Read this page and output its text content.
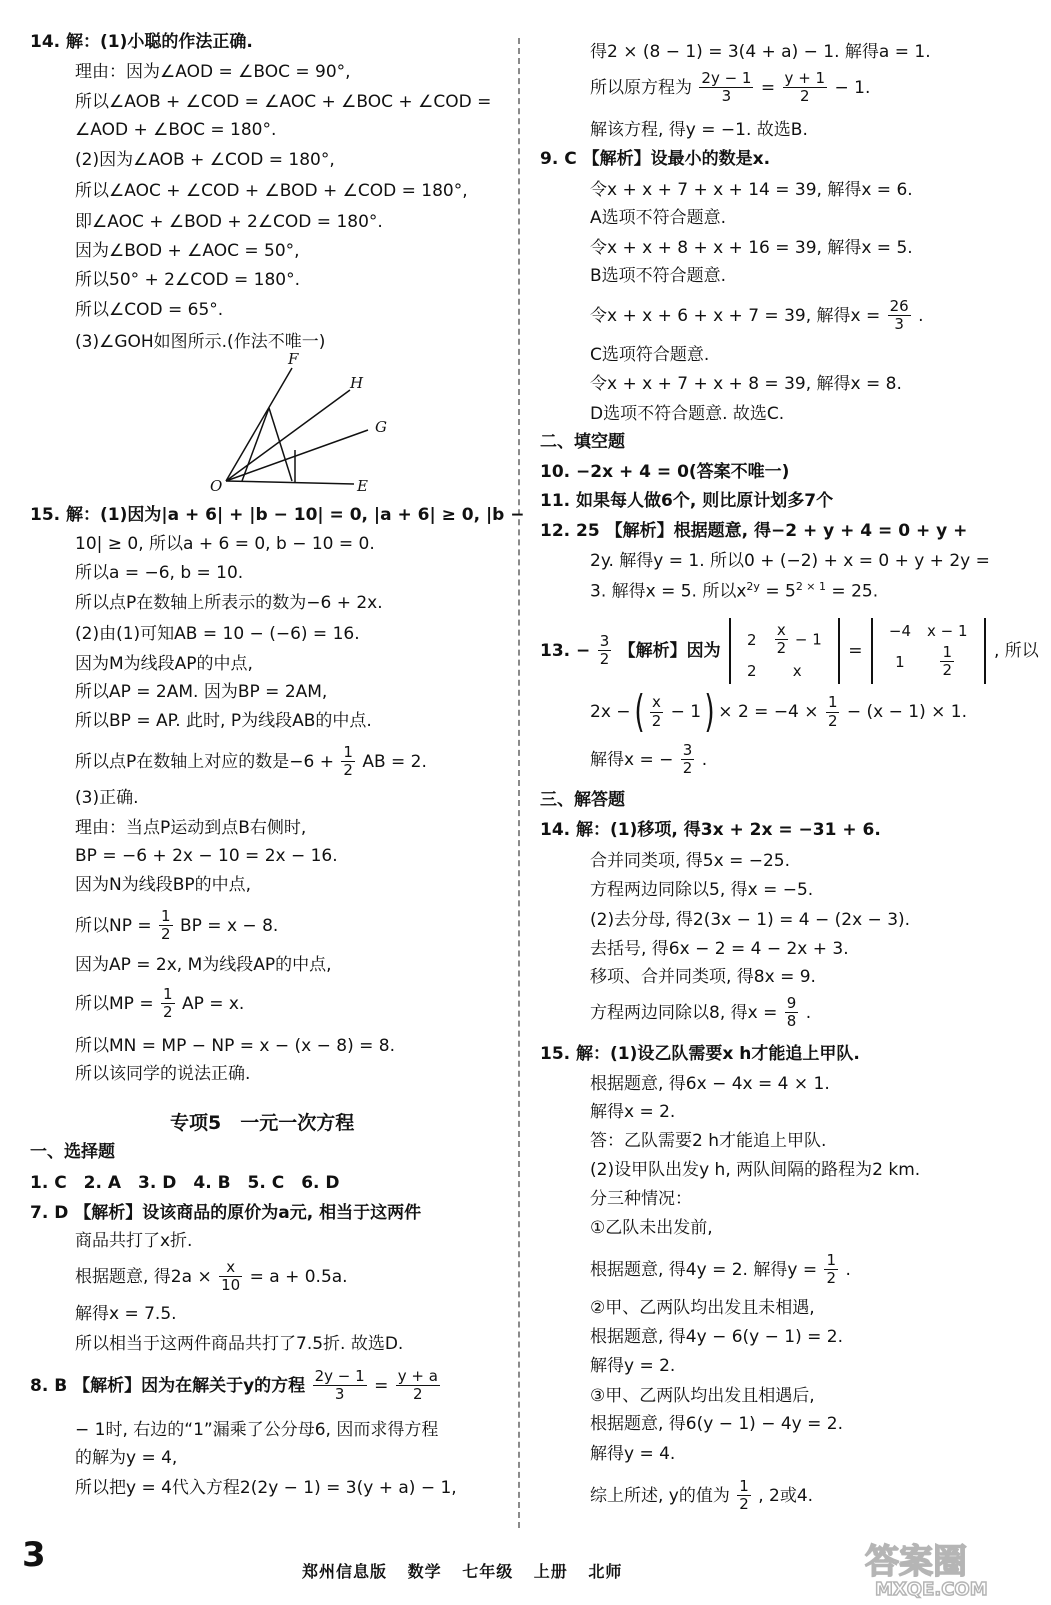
14. 解：(1)小聪的作法正确.
理由：因为∠AOD = ∠BOC = 90°,
所以∠AOB + ∠COD = ∠AOC + ∠BOC + ∠COD =
∠AOD + ∠BOC = 180°.
(2)因为∠AOB + ∠COD = 180°,
所以∠AOC + ∠COD + ∠BOD + ∠COD = 180°,
即∠AOC + ∠BOD + 2∠COD = 180°.
因为∠BOD + ∠AOC = 50°,
所以50° + 2∠COD = 180°.
所以∠COD = 65°.
(3)∠GOH如图所示.(作法不唯一)
F
H
G
O	E
15. 解：(1)因为|a + 6| + |b − 10| = 0, |a + 6| ≥ 0, |b −
10| ≥ 0, 所以a + 6 = 0, b − 10 = 0.
所以a = −6, b = 10.
所以点P在数轴上所表示的数为−6 + 2x.
(2)由(1)可知AB = 10 − (−6) = 16.
因为M为线段AP的中点,
所以AP = 2AM. 因为BP = 2AM,
所以BP = AP. 此时, P为线段AB的中点.
所以点P在数轴上对应的数是$-6 + \frac{1}{2}$ AB = 2.
(3)正确.
理由：当点P运动到点B右侧时,
BP = −6 + 2x − 10 = 2x − 16.
因为N为线段BP的中点,
所以NP = $\frac{1}{2}$ BP = x − 8.
因为AP = 2x, M为线段AP的中点,
所以MP = $\frac{1}{2}$ AP = x.
所以MN = MP − NP = x − (x − 8) = 8.
所以该同学的说法正确.
专项5　一元一次方程
一、选择题
1. C　2. A　3. D　4. B　5. C　6. D
7. D 【解析】设该商品的原价为a元, 相当于这两件
商品共打了x折.
根据题意, 得$2a \times \frac{x}{10} = a + 0.5a$.
解得x = 7.5.
所以相当于这两件商品共打了7.5折. 故选D.
8. B 【解析】因为在解关于y的方程 $\frac{2y - 1}{3} = \frac{y + a}{2}$
− 1时, 右边的“1”漏乘了公分母6, 因而求得方程
的解为y = 4,
所以把y = 4代入方程2(2y − 1) = 3(y + a) − 1,
得2 × (8 − 1) = 3(4 + a) − 1. 解得a = 1.
所以原方程为 $\frac{2y - 1}{3} = \frac{y + 1}{2} - 1$.
解该方程, 得y = −1. 故选B.
9. C 【解析】设最小的数是x.
令x + x + 7 + x + 14 = 39, 解得x = 6.
A选项不符合题意.
令x + x + 8 + x + 16 = 39, 解得x = 5.
B选项不符合题意.
令x + x + 6 + x + 7 = 39, 解得$x = \frac{26}{3}$ .
C选项符合题意.
令x + x + 7 + x + 8 = 39, 解得x = 8.
D选项不符合题意. 故选C.
二、填空题
10. −2x + 4 = 0(答案不唯一)
11. 如果每人做6个, 则比原计划多7个
12. 25 【解析】根据题意, 得−2 + y + 4 = 0 + y +
2y. 解得y = 1. 所以0 + (−2) + x = 0 + y + 2y =
3. 解得x = 5. 所以$x^{2y} = 5^{2 \times 1} = 25$.
13. − $\frac{3}{2}$ 【解析】因为
2	$\frac{x}{2} - 1$
2	x
=
−4	x − 1
1	$\frac{1}{2}$ , 所以
2x −( $\frac{x}{2} - 1) \times 2 = -4 \times \frac{1}{2} - (x - 1) \times 1$.
解得x = − $\frac{3}{2}$ .
三、解答题
14. 解：(1)移项, 得3x + 2x = −31 + 6.
合并同类项, 得5x = −25.
方程两边同除以5, 得x = −5.
(2)去分母, 得2(3x − 1) = 4 − (2x − 3).
去括号, 得6x − 2 = 4 − 2x + 3.
移项、合并同类项, 得8x = 9.
方程两边同除以8, 得$x = \frac{9}{8}$ .
15. 解：(1)设乙队需要x h才能追上甲队.
根据题意, 得6x − 4x = 4 × 1.
解得x = 2.
答：乙队需要2 h才能追上甲队.
(2)设甲队出发y h, 两队间隔的路程为2 km.
分三种情况：
①乙队未出发前,
根据题意, 得4y = 2. 解得$y = \frac{1}{2}$ .
②甲、乙两队均出发且未相遇,
根据题意, 得4y − 6(y − 1) = 2.
解得y = 2.
③甲、乙两队均出发且相遇后,
根据题意, 得6(y − 1) − 4y = 2.
解得y = 4.
综上所述, y的值为 $\frac{1}{2}$ , 2或4.
3	郑州信息版 数学 七年级 上册 北师	答案圈
MXQE.COM
